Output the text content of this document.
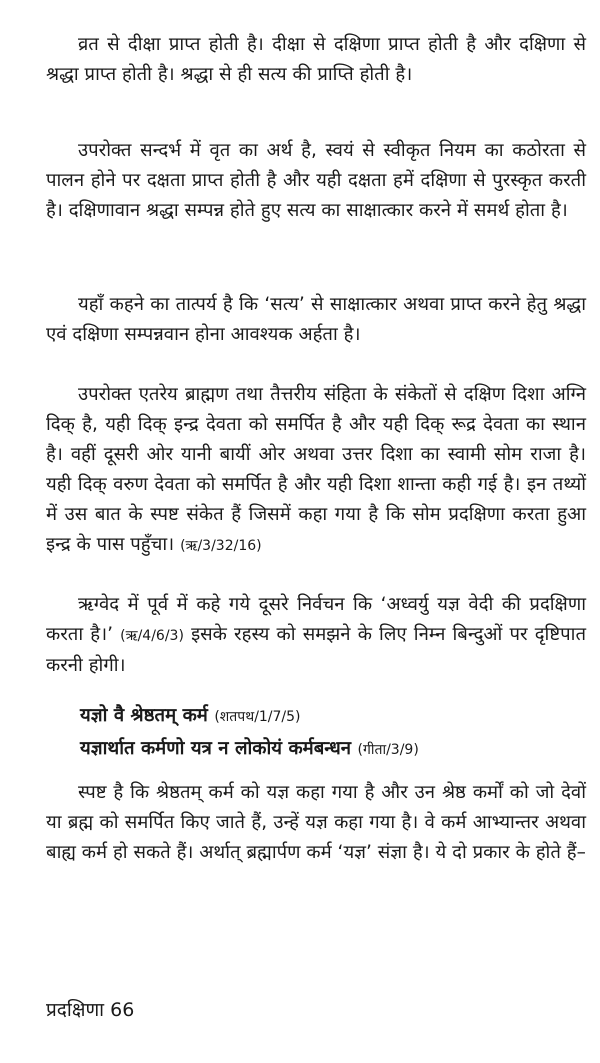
व्रत से दीक्षा प्राप्त होती है। दीक्षा से दक्षिणा प्राप्त होती है और दक्षिणा से श्रद्धा प्राप्त होती है। श्रद्धा से ही सत्य की प्राप्ति होती है।

उपरोक्त सन्दर्भ में वृत का अर्थ है, स्वयं से स्वीकृत नियम का कठोरता से पालन होने पर दक्षता प्राप्त होती है और यही दक्षता हमें दक्षिणा से पुरस्कृत करती है। दक्षिणावान श्रद्धा सम्पन्न होते हुए सत्य का साक्षात्कार करने में समर्थ होता है।

यहाँ कहने का तात्पर्य है कि ‘सत्य’ से साक्षात्कार अथवा प्राप्त करने हेतु श्रद्धा एवं दक्षिणा सम्पन्नवान होना आवश्यक अर्हता है।

उपरोक्त एतरेय ब्राह्मण तथा तैत्तरीय संहिता के संकेतों से दक्षिण दिशा अग्नि दिक् है, यही दिक् इन्द्र देवता को समर्पित है और यही दिक् रूद्र देवता का स्थान है। वहीं दूसरी ओर यानी बायीं ओर अथवा उत्तर दिशा का स्वामी सोम राजा है। यही दिक् वरुण देवता को समर्पित है और यही दिशा शान्ता कही गई है। इन तथ्यों में उस बात के स्पष्ट संकेत हैं जिसमें कहा गया है कि सोम प्रदक्षिणा करता हुआ इन्द्र के पास पहुँचा। (ऋ/3/32/16)

ऋग्वेद में पूर्व में कहे गये दूसरे निर्वचन कि ‘अध्वर्यु यज्ञ वेदी की प्रदक्षिणा करता है।’ (ऋ/4/6/3) इसके रहस्य को समझने के लिए निम्न बिन्दुओं पर दृष्टिपात करनी होगी।

यज्ञो वै श्रेष्ठतम् कर्म (शतपथ/1/7/5)
यज्ञार्थात कर्मणो यत्र न लोकोयं कर्मबन्धन (गीता/3/9)

स्पष्ट है कि श्रेष्ठतम् कर्म को यज्ञ कहा गया है और उन श्रेष्ठ कर्मों को जो देवों या ब्रह्म को समर्पित किए जाते हैं, उन्हें यज्ञ कहा गया है। वे कर्म आभ्यान्तर अथवा बाह्य कर्म हो सकते हैं। अर्थात् ब्रह्मार्पण कर्म ‘यज्ञ’ संज्ञा है। ये दो प्रकार के होते हैं–

प्रदक्षिणा 66
